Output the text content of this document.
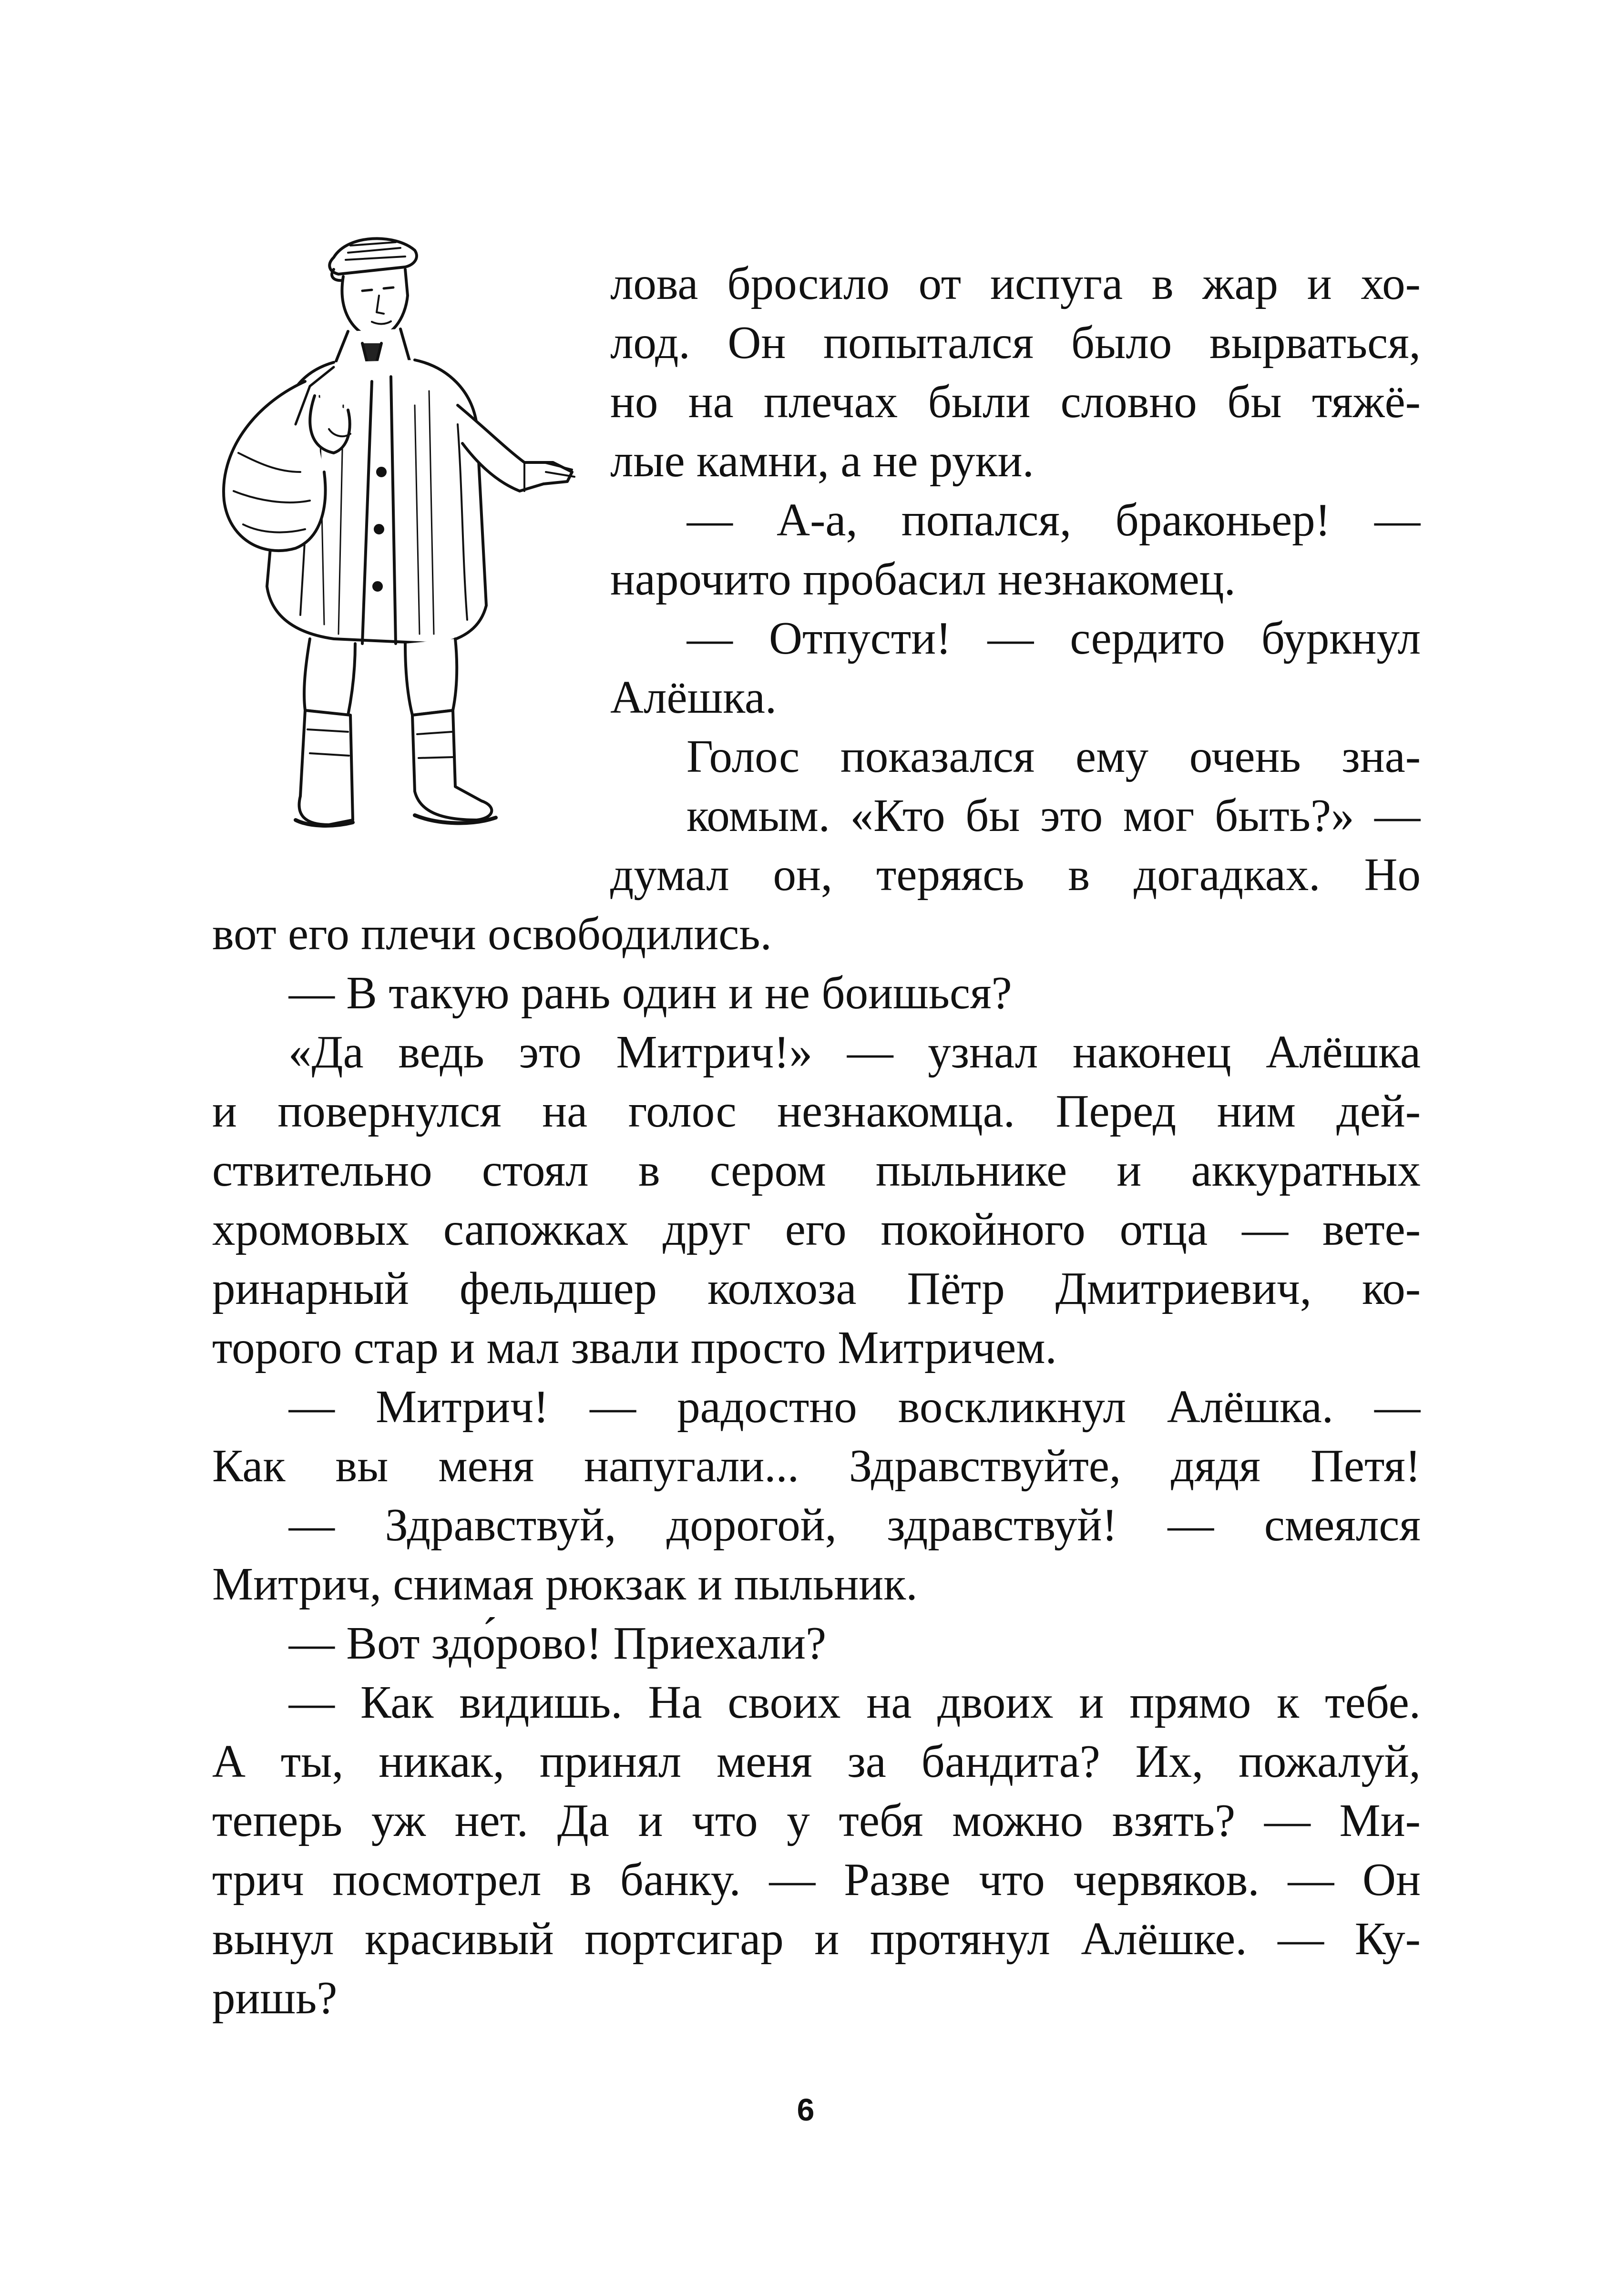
лова бросило от испуга в жар и хо-
лод. Он попытался было вырваться,
но на плечах были словно бы тяжё-
лые камни, а не руки.
— А-а, попался, браконьер! —
нарочито пробасил незнакомец.
— Отпусти! — сердито буркнул
Алёшка.
Голос показался ему очень зна-
комым. «Кто бы это мог быть?» —
думал он, теряясь в догадках. Но
вот его плечи освободились.
— В такую рань один и не боишься?
«Да ведь это Митрич!» — узнал наконец Алёшка
и повернулся на голос незнакомца. Перед ним дей-
ствительно стоял в сером пыльнике и аккуратных
хромовых сапожках друг его покойного отца — вете-
ринарный фельдшер колхоза Пётр Дмитриевич, ко-
торого стар и мал звали просто Митричем.
— Митрич! — радостно воскликнул Алёшка. —
Как вы меня напугали... Здравствуйте, дядя Петя!
6
— Здравствуй, дорогой, здравствуй! — смеялся
Митрич, снимая рюкзак и пыльник.
— Вот здо́рово! Приехали?
— Как видишь. На своих на двоих и прямо к тебе.
А ты, никак, принял меня за бандита? Их, пожалуй,
теперь уж нет. Да и что у тебя можно взять? — Ми-
трич посмотрел в банку. — Разве что червяков. — Он
вынул красивый портсигар и протянул Алёшке. — Ку-
ришь?
